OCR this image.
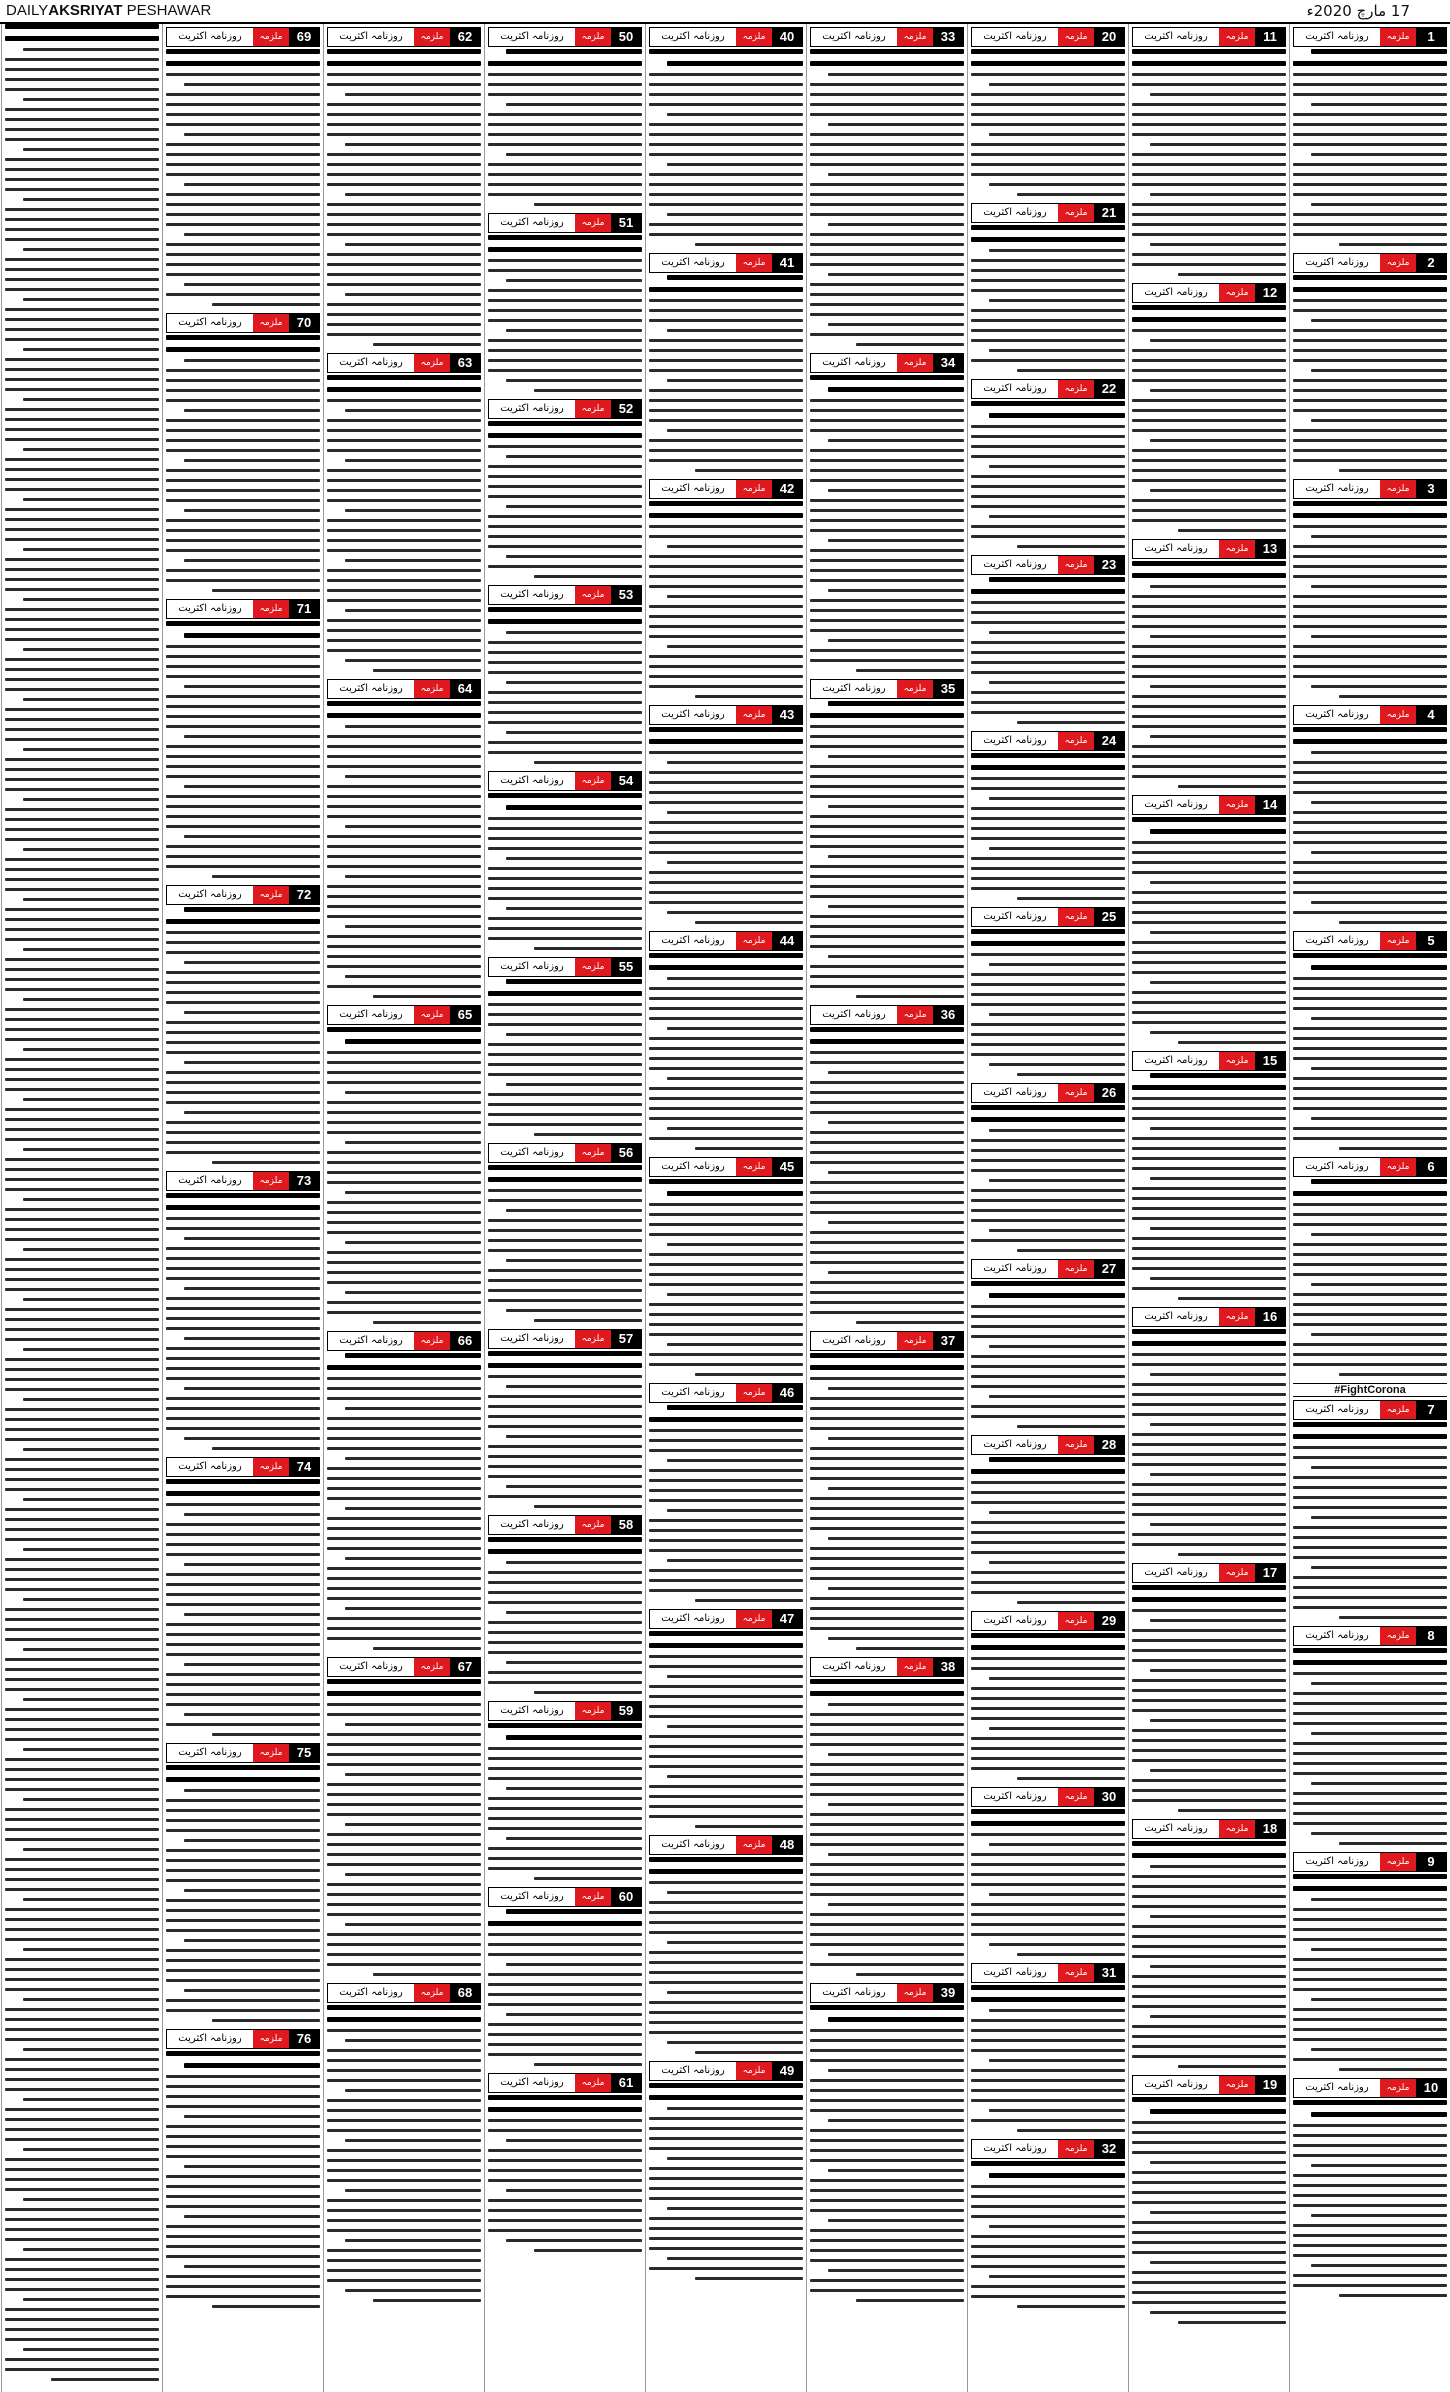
DAILYAKSRIYAT PESHAWAR	17 مارچ 2020ء
1
ملزمہ
روزنامہ اکثریت
2
ملزمہ
روزنامہ اکثریت
3
ملزمہ
روزنامہ اکثریت
4
ملزمہ
روزنامہ اکثریت
5
ملزمہ
روزنامہ اکثریت
6
ملزمہ
روزنامہ اکثریت
#FightCorona
7
ملزمہ
روزنامہ اکثریت
8
ملزمہ
روزنامہ اکثریت
9
ملزمہ
روزنامہ اکثریت
10
ملزمہ
روزنامہ اکثریت
11
ملزمہ
روزنامہ اکثریت
12
ملزمہ
روزنامہ اکثریت
13
ملزمہ
روزنامہ اکثریت
14
ملزمہ
روزنامہ اکثریت
15
ملزمہ
روزنامہ اکثریت
16
ملزمہ
روزنامہ اکثریت
17
ملزمہ
روزنامہ اکثریت
18
ملزمہ
روزنامہ اکثریت
19
ملزمہ
روزنامہ اکثریت
20
ملزمہ
روزنامہ اکثریت
21
ملزمہ
روزنامہ اکثریت
22
ملزمہ
روزنامہ اکثریت
23
ملزمہ
روزنامہ اکثریت
24
ملزمہ
روزنامہ اکثریت
25
ملزمہ
روزنامہ اکثریت
26
ملزمہ
روزنامہ اکثریت
27
ملزمہ
روزنامہ اکثریت
28
ملزمہ
روزنامہ اکثریت
29
ملزمہ
روزنامہ اکثریت
30
ملزمہ
روزنامہ اکثریت
31
ملزمہ
روزنامہ اکثریت
32
ملزمہ
روزنامہ اکثریت
33
ملزمہ
روزنامہ اکثریت
34
ملزمہ
روزنامہ اکثریت
35
ملزمہ
روزنامہ اکثریت
36
ملزمہ
روزنامہ اکثریت
37
ملزمہ
روزنامہ اکثریت
38
ملزمہ
روزنامہ اکثریت
39
ملزمہ
روزنامہ اکثریت
40
ملزمہ
روزنامہ اکثریت
41
ملزمہ
روزنامہ اکثریت
42
ملزمہ
روزنامہ اکثریت
43
ملزمہ
روزنامہ اکثریت
44
ملزمہ
روزنامہ اکثریت
45
ملزمہ
روزنامہ اکثریت
46
ملزمہ
روزنامہ اکثریت
47
ملزمہ
روزنامہ اکثریت
48
ملزمہ
روزنامہ اکثریت
49
ملزمہ
روزنامہ اکثریت
50
ملزمہ
روزنامہ اکثریت
51
ملزمہ
روزنامہ اکثریت
52
ملزمہ
روزنامہ اکثریت
53
ملزمہ
روزنامہ اکثریت
54
ملزمہ
روزنامہ اکثریت
55
ملزمہ
روزنامہ اکثریت
56
ملزمہ
روزنامہ اکثریت
57
ملزمہ
روزنامہ اکثریت
58
ملزمہ
روزنامہ اکثریت
59
ملزمہ
روزنامہ اکثریت
60
ملزمہ
روزنامہ اکثریت
61
ملزمہ
روزنامہ اکثریت
62
ملزمہ
روزنامہ اکثریت
63
ملزمہ
روزنامہ اکثریت
64
ملزمہ
روزنامہ اکثریت
65
ملزمہ
روزنامہ اکثریت
66
ملزمہ
روزنامہ اکثریت
67
ملزمہ
روزنامہ اکثریت
68
ملزمہ
روزنامہ اکثریت
69
ملزمہ
روزنامہ اکثریت
70
ملزمہ
روزنامہ اکثریت
71
ملزمہ
روزنامہ اکثریت
72
ملزمہ
روزنامہ اکثریت
73
ملزمہ
روزنامہ اکثریت
74
ملزمہ
روزنامہ اکثریت
75
ملزمہ
روزنامہ اکثریت
76
ملزمہ
روزنامہ اکثریت
